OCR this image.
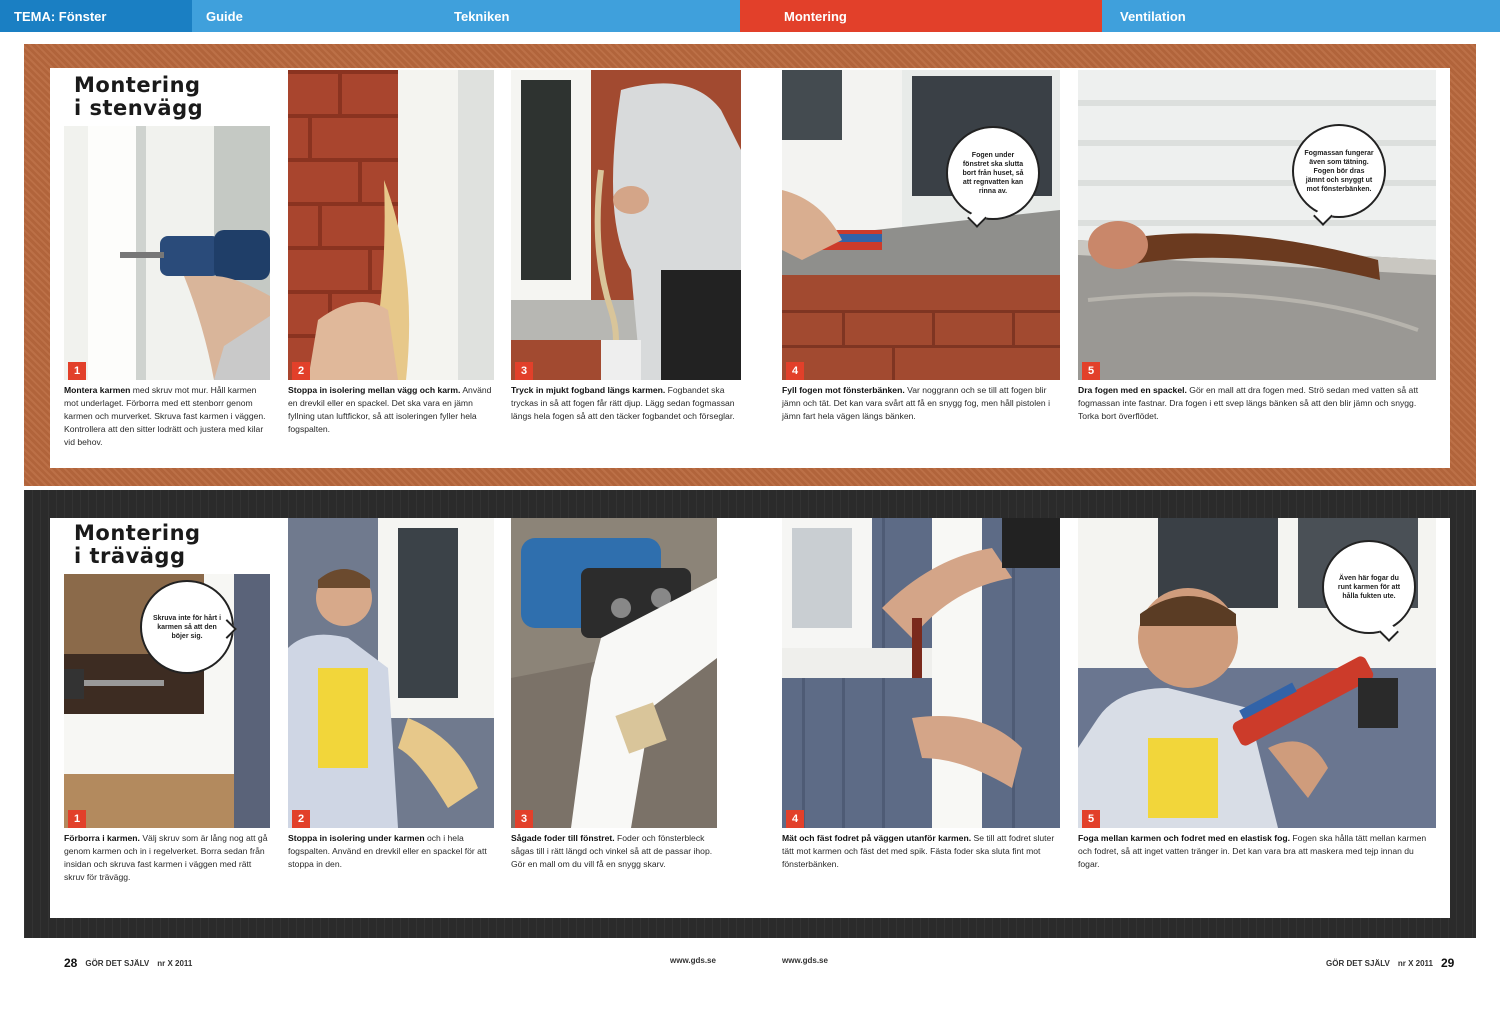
TEMA: Fönster	Guide	Tekniken	Montering	Ventilation
Montering
i stenvägg
1	2	3	4	5
Fogen under fönstret ska slutta bort från huset, så att regnvatten kan rinna av.
Fogmassan fungerar även som tätning. Fogen bör dras jämnt och snyggt ut mot fönsterbänken.
Montera karmen med skruv mot mur. Håll karmen mot underlaget. Förborra med ett stenborr genom karmen och murverket. Skruva fast karmen i väggen. Kontrollera att den sitter lodrätt och justera med kilar vid behov.
Stoppa in isolering mellan vägg och karm. Använd en drevkil eller en spackel. Det ska vara en jämn fyllning utan luftfickor, så att isoleringen fyller hela fogspalten.
Tryck in mjukt fogband längs karmen. Fogbandet ska tryckas in så att fogen får rätt djup. Lägg sedan fogmassan längs hela fogen så att den täcker fogbandet och förseglar.
Fyll fogen mot fönsterbänken. Var noggrann och se till att fogen blir jämn och tät. Det kan vara svårt att få en snygg fog, men håll pistolen i jämn fart hela vägen längs bänken.
Dra fogen med en spackel. Gör en mall att dra fogen med. Strö sedan med vatten så att fogmassan inte fastnar. Dra fogen i ett svep längs bänken så att den blir jämn och snygg. Torka bort överflödet.
Montering
i trävägg
1	2	3	4	5
Skruva inte för hårt i karmen så att den böjer sig.
Även här fogar du runt karmen för att hålla fukten ute.
Förborra i karmen. Välj skruv som är lång nog att gå genom karmen och in i regelverket. Borra sedan från insidan och skruva fast karmen i väggen med rätt skruv för trävägg.
Stoppa in isolering under karmen och i hela fogspalten. Använd en drevkil eller en spackel för att stoppa in den.
Sågade foder till fönstret. Foder och fönsterbleck sågas till i rätt längd och vinkel så att de passar ihop. Gör en mall om du vill få en snygg skarv.
Mät och fäst fodret på väggen utanför karmen. Se till att fodret sluter tätt mot karmen och fäst det med spik. Fästa foder ska sluta fint mot fönsterbänken.
Foga mellan karmen och fodret med en elastisk fog. Fogen ska hålla tätt mellan karmen och fodret, så att inget vatten tränger in. Det kan vara bra att maskera med tejp innan du fogar.
28 GÖR DET SJÄLV nr X 2011	www.gds.se	www.gds.se	GÖR DET SJÄLV nr X 2011 29
